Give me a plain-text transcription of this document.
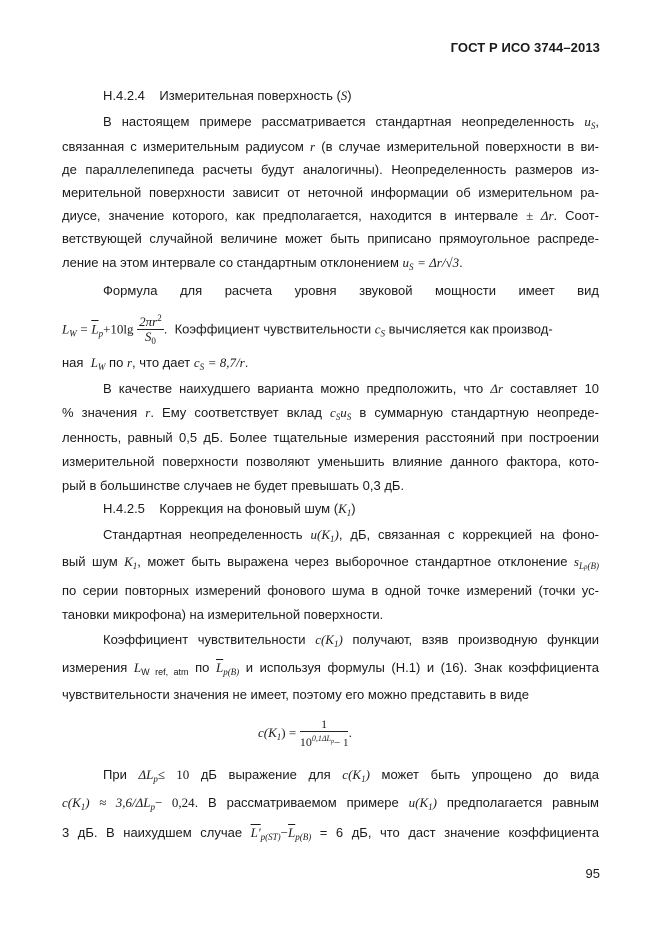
ГОСТ Р ИСО 3744–2013
Н.4.2.4 Измерительная поверхность (S)
В настоящем примере рассматривается стандартная неопределенность $u_S$,
связанная с измерительным радиусом r (в случае измерительной поверхности в ви-
де параллелепипеда расчеты будут аналогичны). Неопределенность размеров из-
мерительной поверхности зависит от неточной информации об измерительном ра-
диусе, значение которого, как предполагается, находится в интервале ± Δr. Соот-
ветствующей случайной величине может быть приписано прямоугольное распреде-
ление на этом интервале со стандартным отклонением $u_S = \Delta r/√3$.
Формула для расчета уровня звуковой мощности имеет вид
$L_W = \overline{L}_p+10\lg \frac{2\pi r^2}{S_0}$ . Коэффициент чувствительности $c_S$ вычисляется как производ-
ная $L_W$ по r, что дает $c_S = 8,7/r$.
В качестве наихудшего варианта можно предположить, что Δr составляет 10
% значения r. Ему соответствует вклад $c_Su_S$ в суммарную стандартную неопреде-
ленность, равный 0,5 дБ. Более тщательные измерения расстояний при построении
измерительной поверхности позволяют уменьшить влияние данного фактора, кото-
рый в большинстве случаев не будет превышать 0,3 дБ.
Н.4.2.5 Коррекция на фоновый шум $(K_1)$
Стандартная неопределенность $u(K_1)$, дБ, связанная с коррекцией на фоно-
вый шум $K_1$, может быть выражена через выборочное стандартное отклонение $s_{Lp(B)}$
по серии повторных измерений фонового шума в одной точке измерений (точки ус-
тановки микрофона) на измерительной поверхности.
Коэффициент чувствительности $c(K_1)$ получают, взяв производную функции
измерения $L_{W ref, atm}$ по $\overline{L}_{p(B)}$ и используя формулы (Н.1) и (16). Знак коэффициента
чувствительности значения не имеет, поэтому его можно представить в виде
$c(K_1) = \frac{1}{10^{0,1\Delta Lp}- 1}$ .
При $\Delta L_p\le 10$ дБ выражение для $c(K_1)$ может быть упрощено до вида
$c(K_1) \approx 3,6/\Delta L_p- 0,24$. В рассматриваемом примере $u(K_1)$ предполагается равным
3 дБ. В наихудшем случае $L'_{p(ST)}-\overline{L}_{p(B)} = 6$ дБ, что даст значение коэффициента
95
